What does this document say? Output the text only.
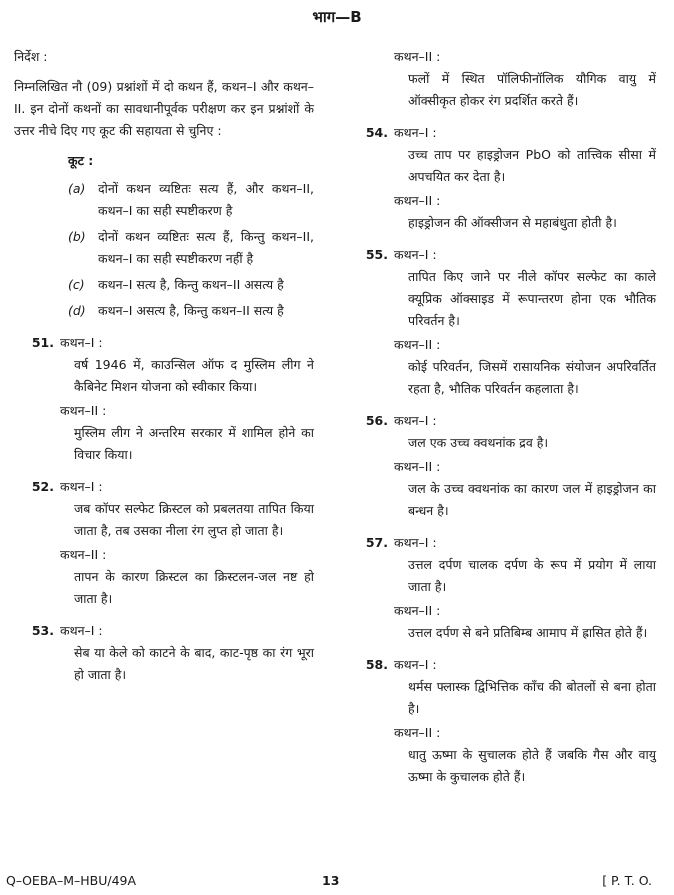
भाग—B

निर्देश :

निम्नलिखित नौ (09) प्रश्नांशों में दो कथन हैं, कथन–I और कथन–II. इन दोनों कथनों का सावधानीपूर्वक परीक्षण कर इन प्रश्नांशों के उत्तर नीचे दिए गए कूट की सहायता से चुनिए :

कूट :

(a)	दोनों कथन व्यष्टितः सत्य हैं, और कथन–II, कथन–I का सही स्पष्टीकरण है
(b) दोनों कथन व्यष्टितः सत्य हैं, किन्तु कथन–II, कथन–I का सही स्पष्टीकरण नहीं है
(c)	कथन–I सत्य है, किन्तु कथन–II असत्य है
(d) कथन–I असत्य है, किन्तु कथन–II सत्य है
51. कथन–I :

वर्ष 1946 में, काउन्सिल ऑफ द मुस्लिम लीग ने कैबिनेट मिशन योजना को स्वीकार किया।

कथन–II :

मुस्लिम लीग ने अन्तरिम सरकार में शामिल होने का विचार किया।

52. कथन–I :

जब कॉपर सल्फेट क्रिस्टल को प्रबलतया तापित किया जाता है, तब उसका नीला रंग लुप्त हो जाता है।

कथन–II :

तापन के कारण क्रिस्टल का क्रिस्टलन-जल नष्ट हो जाता है।

53. कथन–I :

सेब या केले को काटने के बाद, काट-पृष्ठ का रंग भूरा हो जाता है।

कथन–II :

फलों में स्थित पॉलिफीनॉलिक यौगिक वायु में ऑक्सीकृत होकर रंग प्रदर्शित करते हैं।

54. कथन–I :

उच्च ताप पर हाइड्रोजन PbO को तात्त्विक सीसा में अपचयित कर देता है।

कथन–II :

हाइड्रोजन की ऑक्सीजन से महाबंधुता होती है।

55. कथन–I :

तापित किए जाने पर नीले कॉपर सल्फेट का काले क्यूप्रिक ऑक्साइड में रूपान्तरण होना एक भौतिक परिवर्तन है।

कथन–II :

कोई परिवर्तन, जिसमें रासायनिक संयोजन अपरिवर्तित रहता है, भौतिक परिवर्तन कहलाता है।

56. कथन–I :

जल एक उच्च क्वथनांक द्रव है।

कथन–II :

जल के उच्च क्वथनांक का कारण जल में हाइड्रोजन का बन्धन है।

57. कथन–I :

उत्तल दर्पण चालक दर्पण के रूप में प्रयोग में लाया जाता है।

कथन–II :

उत्तल दर्पण से बने प्रतिबिम्ब आमाप में ह्रासित होते हैं।

58. कथन–I :

थर्मस फ्लास्क द्विभित्तिक काँच की बोतलों से बना होता है।

कथन–II :

धातु ऊष्मा के सुचालक होते हैं जबकि गैस और वायु ऊष्मा के कुचालक होते हैं।

Q–OEBA–M–HBU/49A	13	[ P. T. O.
